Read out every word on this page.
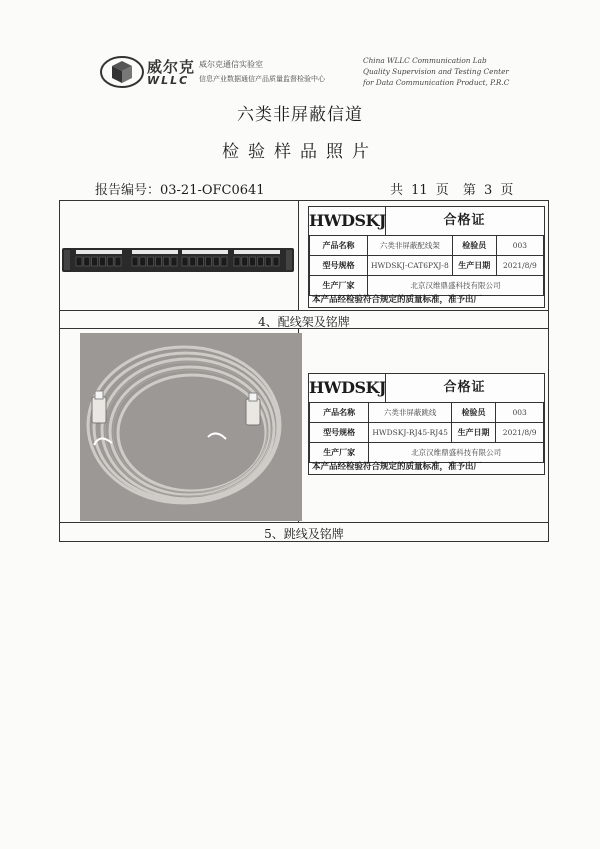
威尔克
WLLC
威尔克通信实验室
信息产业数据通信产品质量监督检验中心
China WLLC Communication Lab
Quality Supervision and Testing Center
for Data Communication Product, P.R.C
六类非屏蔽信道
检验样品照片
报告编号：03-21-OFC0641	共 11 页 第 3 页
HWDSKJ	合格证
产品名称	六类非屏蔽配线架	检验员	003
型号规格	HWDSKJ-CAT6PXJ-8	生产日期	2021/8/9
生产厂家	北京汉维鼎盛科技有限公司		
本产品经检验符合规定的质量标准，准予出厂
4、配线架及铭牌
HWDSKJ	合格证
产品名称	六类非屏蔽跳线	检验员	003
型号规格	HWDSKJ-RJ45-RJ45	生产日期	2021/8/9
生产厂家	北京汉维鼎盛科技有限公司		
本产品经检验符合规定的质量标准，准予出厂
5、跳线及铭牌
